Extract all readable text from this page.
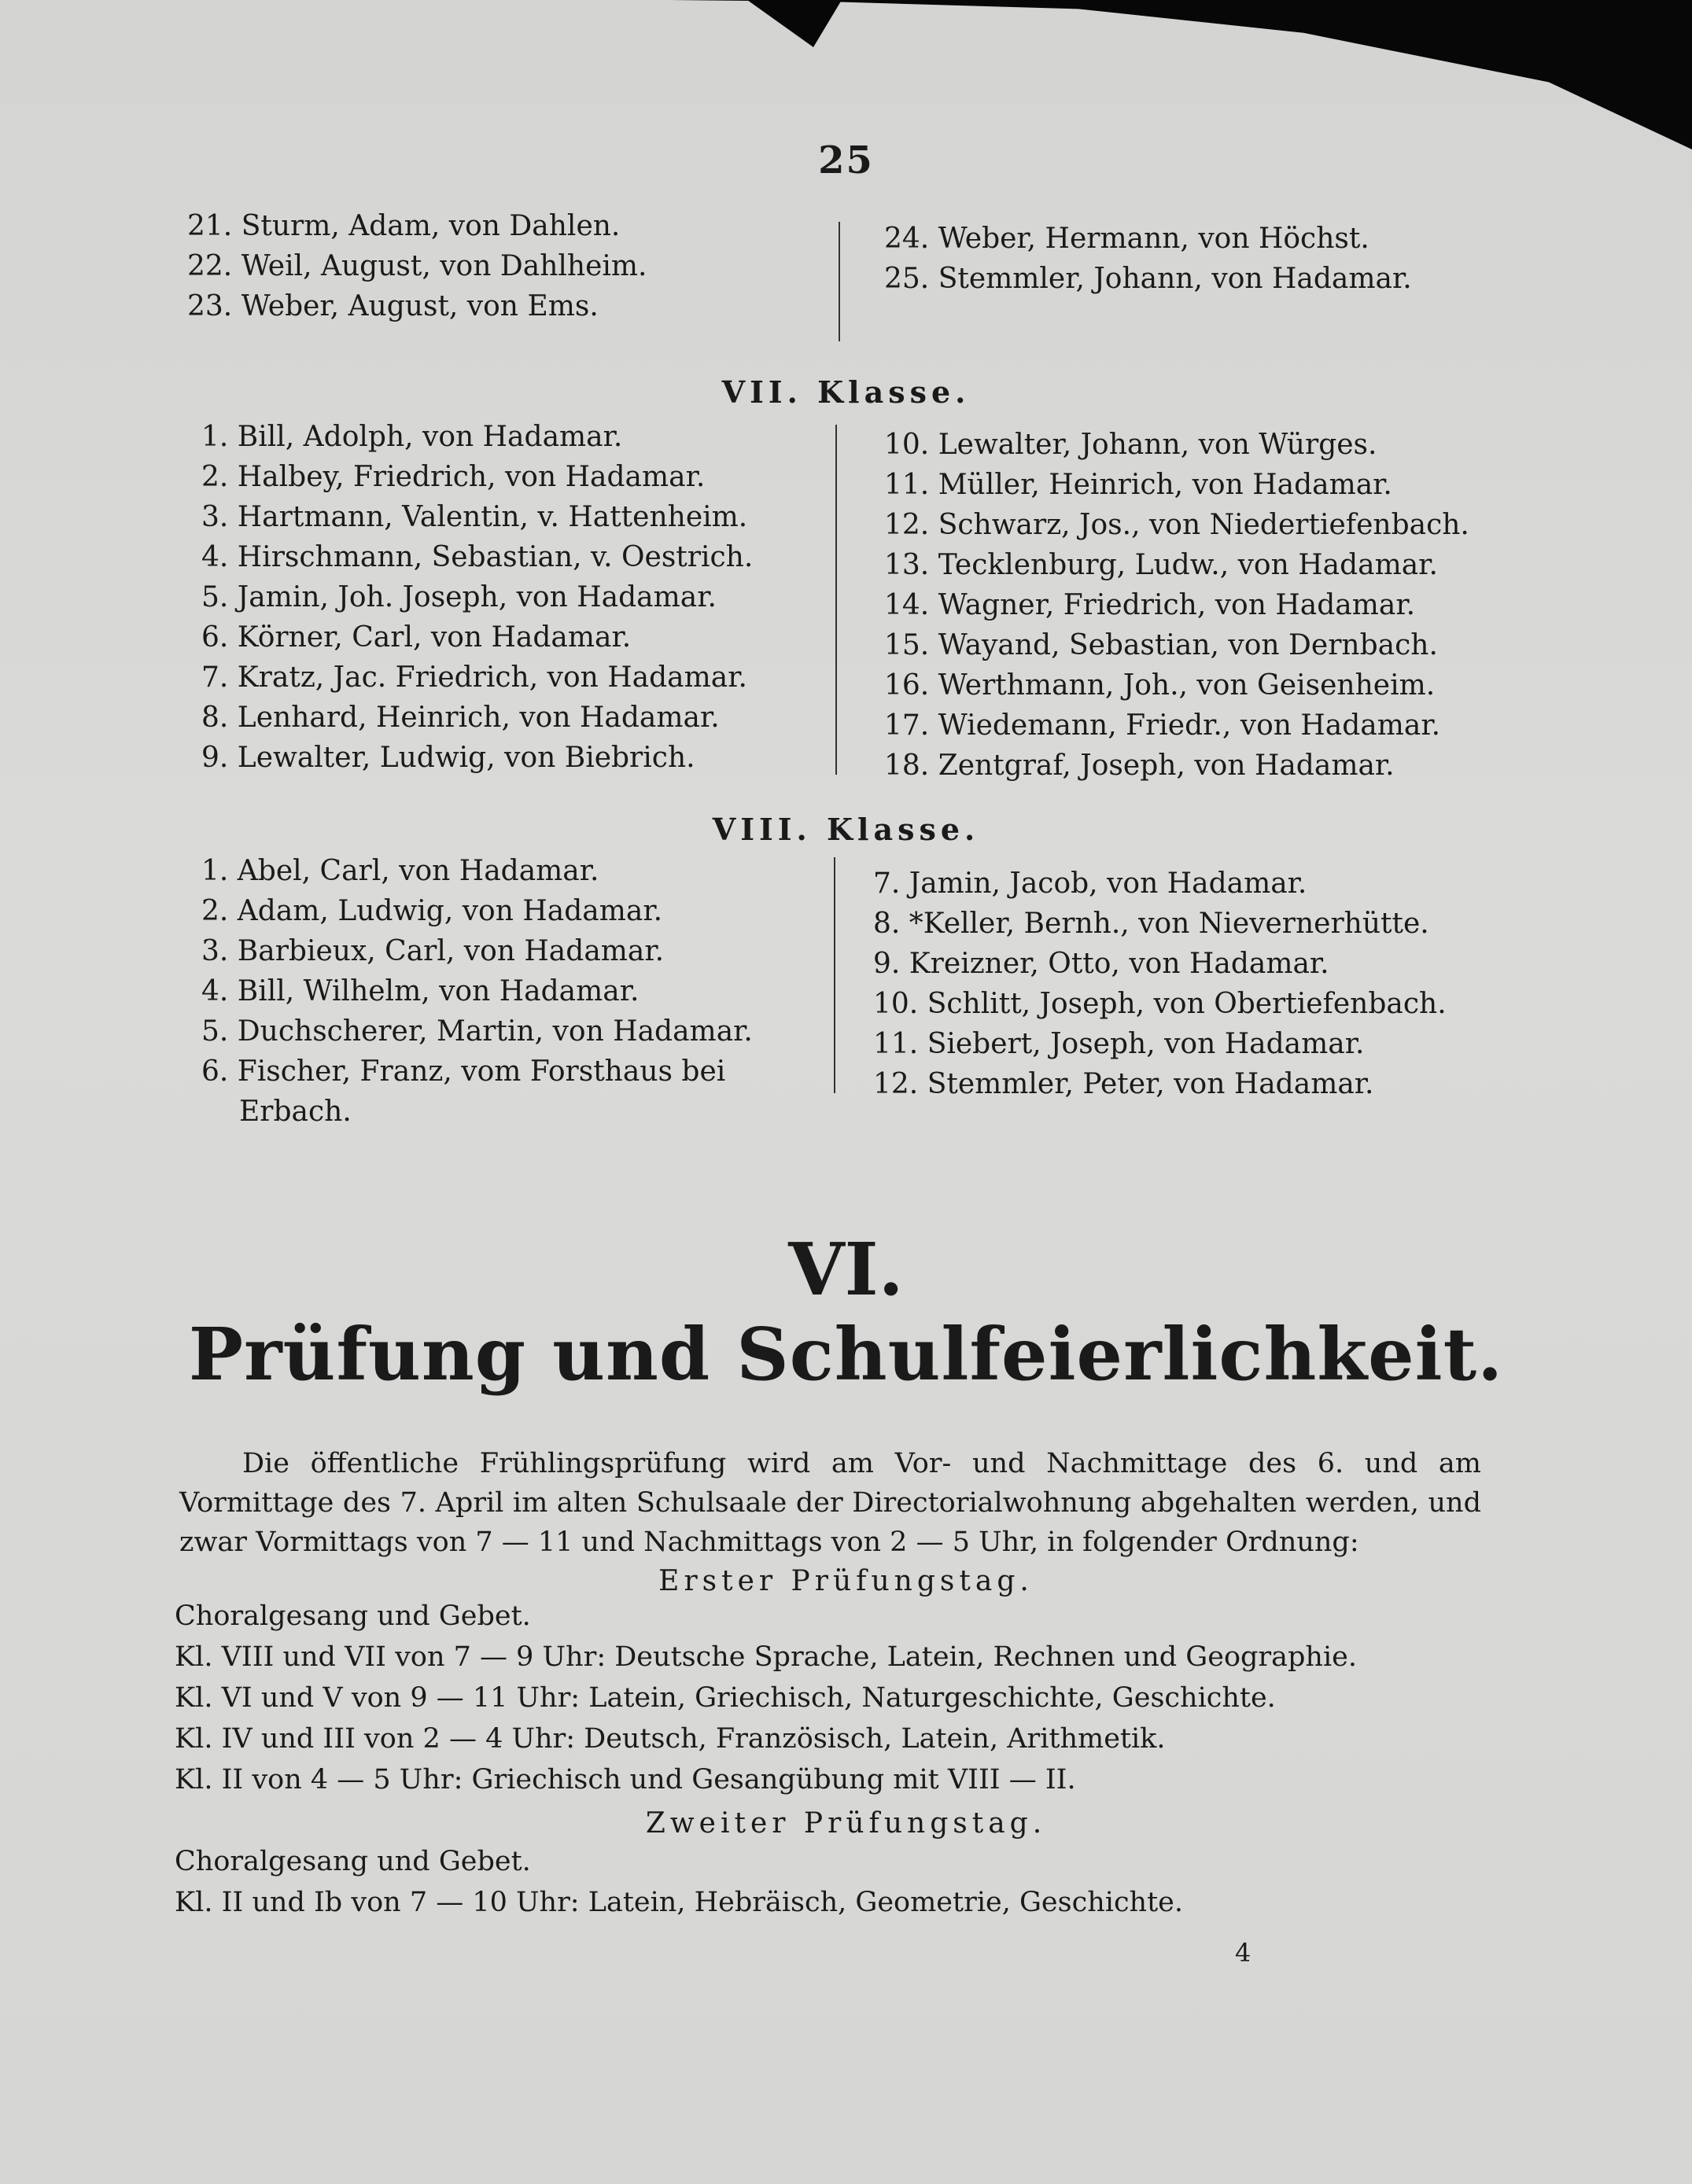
25
21. Sturm, Adam, von Dahlen.
22. Weil, August, von Dahlheim.
23. Weber, August, von Ems.
24. Weber, Hermann, von Höchst.
25. Stemmler, Johann, von Hadamar.
VII. Klasse.
1. Bill, Adolph, von Hadamar.
2. Halbey, Friedrich, von Hadamar.
3. Hartmann, Valentin, v. Hattenheim.
4. Hirschmann, Sebastian, v. Oestrich.
5. Jamin, Joh. Joseph, von Hadamar.
6. Körner, Carl, von Hadamar.
7. Kratz, Jac. Friedrich, von Hadamar.
8. Lenhard, Heinrich, von Hadamar.
9. Lewalter, Ludwig, von Biebrich.
10. Lewalter, Johann, von Würges.
11. Müller, Heinrich, von Hadamar.
12. Schwarz, Jos., von Niedertiefenbach.
13. Tecklenburg, Ludw., von Hadamar.
14. Wagner, Friedrich, von Hadamar.
15. Wayand, Sebastian, von Dernbach.
16. Werthmann, Joh., von Geisenheim.
17. Wiedemann, Friedr., von Hadamar.
18. Zentgraf, Joseph, von Hadamar.
VIII. Klasse.
1. Abel, Carl, von Hadamar.
2. Adam, Ludwig, von Hadamar.
3. Barbieux, Carl, von Hadamar.
4. Bill, Wilhelm, von Hadamar.
5. Duchscherer, Martin, von Hadamar.
6. Fischer, Franz, vom Forsthaus bei
Erbach.
7. Jamin, Jacob, von Hadamar.
8. *Keller, Bernh., von Nievernerhütte.
9. Kreizner, Otto, von Hadamar.
10. Schlitt, Joseph, von Obertiefenbach.
11. Siebert, Joseph, von Hadamar.
12. Stemmler, Peter, von Hadamar.
VI.
Prüfung und Schulfeierlichkeit.
Die öffentliche Frühlingsprüfung wird am Vor- und Nachmittage des 6. und am Vormittage des 7. April im alten Schulsaale der Directorialwohnung abgehalten werden, und zwar Vormittags von 7 — 11 und Nachmittags von 2 — 5 Uhr, in folgender Ordnung:
Erster Prüfungstag.
Choralgesang und Gebet.
Kl. VIII und VII von 7 — 9 Uhr: Deutsche Sprache, Latein, Rechnen und Geographie.
Kl. VI und V von 9 — 11 Uhr: Latein, Griechisch, Naturgeschichte, Geschichte.
Kl. IV und III von 2 — 4 Uhr: Deutsch, Französisch, Latein, Arithmetik.
Kl. II von 4 — 5 Uhr: Griechisch und Gesangübung mit VIII — II.
Zweiter Prüfungstag.
Choralgesang und Gebet.
Kl. II und Ib von 7 — 10 Uhr: Latein, Hebräisch, Geometrie, Geschichte.
4
